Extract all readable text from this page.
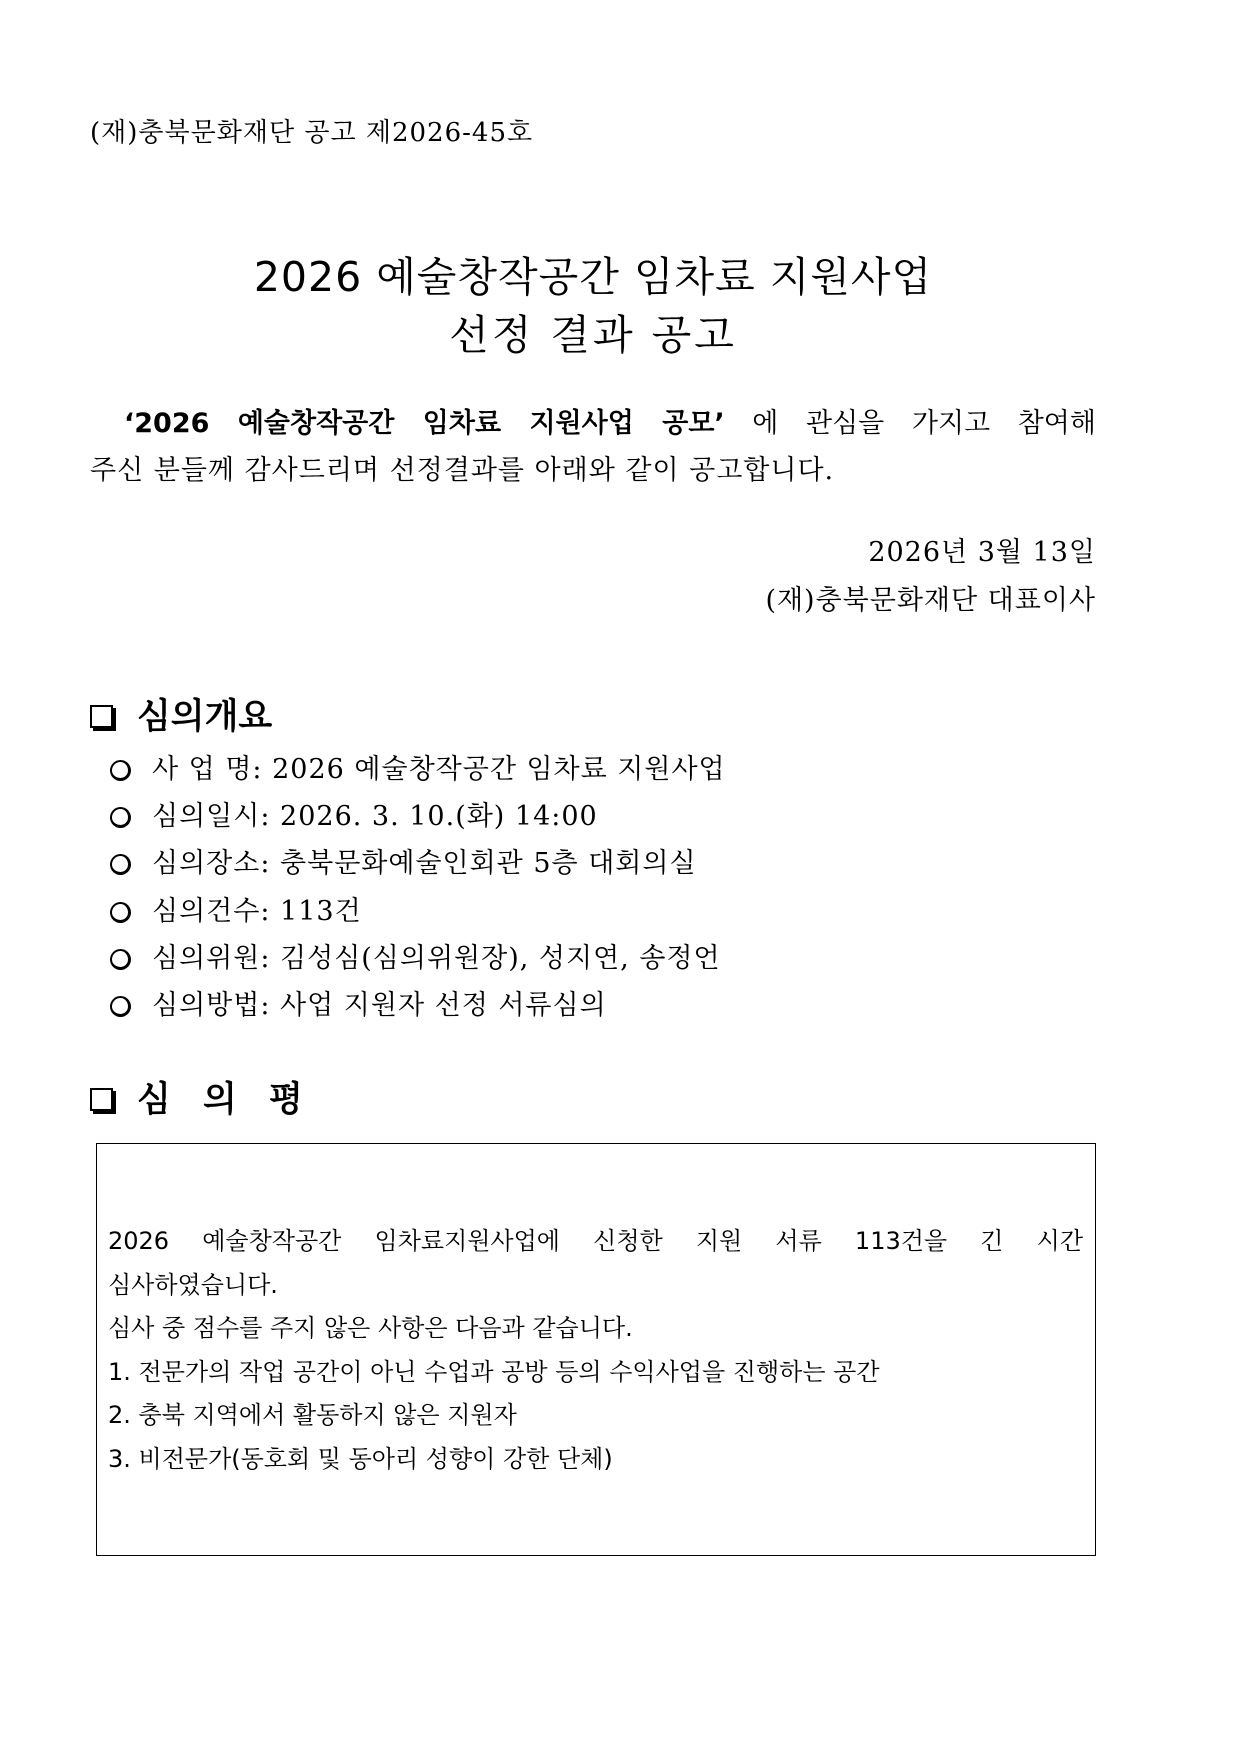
(재)충북문화재단 공고 제2026-45호
2026 예술창작공간 임차료 지원사업
선정 결과 공고
‘2026 예술창작공간 임차료 지원사업 공모’ 에 관심을 가지고 참여해
주신 분들께 감사드리며 선정결과를 아래와 같이 공고합니다.
2026년 3월 13일
(재)충북문화재단 대표이사
심의개요
사 업 명: 2026 예술창작공간 임차료 지원사업
심의일시: 2026. 3. 10.(화) 14:00
심의장소: 충북문화예술인회관 5층 대회의실
심의건수: 113건
심의위원: 김성심(심의위원장), 성지연, 송정언
심의방법: 사업 지원자 선정 서류심의
심 의 평
2026 예술창작공간 임차료지원사업에 신청한 지원 서류 113건을 긴 시간
심사하였습니다.
심사 중 점수를 주지 않은 사항은 다음과 같습니다.
1. 전문가의 작업 공간이 아닌 수업과 공방 등의 수익사업을 진행하는 공간
2. 충북 지역에서 활동하지 않은 지원자
3. 비전문가(동호회 및 동아리 성향이 강한 단체)
